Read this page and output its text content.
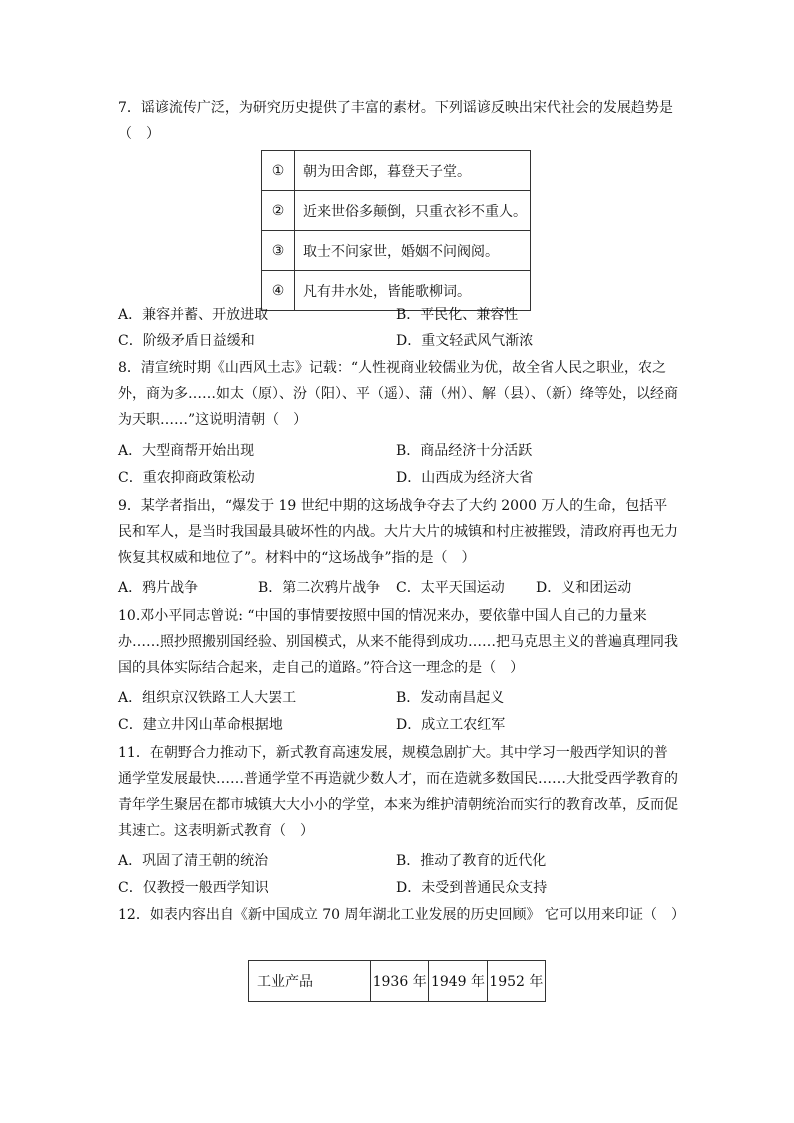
7．谣谚流传广泛，为研究历史提供了丰富的素材。下列谣谚反映出宋代社会的发展趋势是（　）
①	朝为田舍郎，暮登天子堂。
②	近来世俗多颠倒，只重衣衫不重人。
③	取士不问家世，婚姻不问阀阅。
④	凡有井水处，皆能歌柳词。
A．兼容并蓄、开放进取	B．平民化、兼容性
C．阶级矛盾日益缓和	D．重文轻武风气渐浓
8．清宣统时期《山西风土志》记载：“人性视商业较儒业为优，故全省人民之职业，农之外，商为多……如太（原）、汾（阳）、平（遥）、蒲（州）、解（县）、（新）绛等处，以经商为天职……”这说明清朝（　）
A．大型商帮开始出现	B．商品经济十分活跃
C．重农抑商政策松动	D．山西成为经济大省
9．某学者指出，“爆发于 19 世纪中期的这场战争夺去了大约 2000 万人的生命，包括平民和军人，是当时我国最具破坏性的内战。大片大片的城镇和村庄被摧毁，清政府再也无力恢复其权威和地位了”。材料中的“这场战争”指的是（　）
A．鸦片战争	B．第二次鸦片战争 C．太平天国运动 D．义和团运动
10.邓小平同志曾说: “中国的事情要按照中国的情况来办，要依靠中国人自己的力量来办……照抄照搬别国经验、别国模式，从来不能得到成功……把马克思主义的普遍真理同我国的具体实际结合起来，走自己的道路。”符合这一理念的是（　）
A．组织京汉铁路工人大罢工	B．发动南昌起义
C．建立井冈山革命根据地	D．成立工农红军
11．在朝野合力推动下，新式教育高速发展，规模急剧扩大。其中学习一般西学知识的普通学堂发展最快……普通学堂不再造就少数人才，而在造就多数国民……大批受西学教育的青年学生聚居在都市城镇大大小小的学堂，本来为维护清朝统治而实行的教育改革，反而促其速亡。这表明新式教育（　）
A．巩固了清王朝的统治	B．推动了教育的近代化
C．仅教授一般西学知识	D．未受到普通民众支持
12．如表内容出自《新中国成立 70 周年湖北工业发展的历史回顾》 它可以用来印证（　）
工业产品	1936 年	1949 年	1952 年
